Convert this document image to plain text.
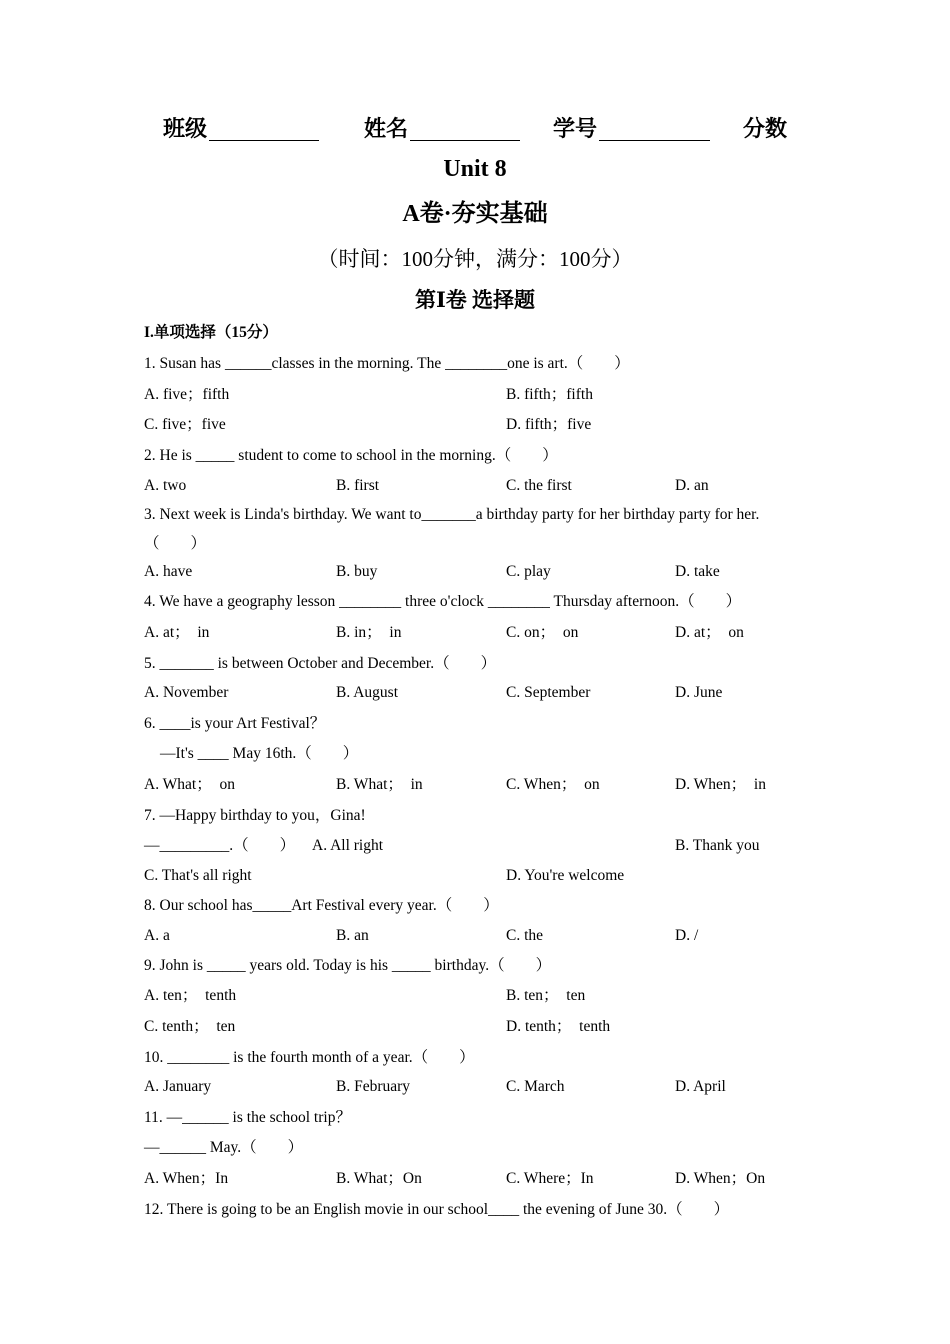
班级	姓名	学号	分数
Unit 8
A卷·夯实基础
（时间：100分钟，满分：100分）
第Ⅰ卷 选择题
I.单项选择（15分）
1. Susan has ______classes in the morning. The ________one is art.（　　）
A. five；fifth	B. fifth；fifth
C. five；five	D. fifth；five
2. He is _____ student to come to school in the morning.（　　）
A. two	B. first	C. the first	D. an
3. Next week is Linda's birthday. We want to_______a birthday party for her birthday party for her.
（　　）
A. have	B. buy	C. play	D. take
4. We have a geography lesson ________ three o'clock ________ Thursday afternoon.（　　）
A. at；　in	B. in；　in	C. on；　on	D. at；　on
5. _______ is between October and December.（　　）
A. November	B. August	C. September	D. June
6. ____is your Art Festival？
—It's ____ May 16th.（　　）
A. What；　on	B. What；　in	C. When；　on	D. When；　in
7. —Happy birthday to you，Gina!
—_________.（　　） A. All right	B. Thank you
C. That's all right	D. You're welcome
8. Our school has_____Art Festival every year.（　　）
A. a	B. an	C. the	D. /
9. John is _____ years old. Today is his _____ birthday.（　　）
A. ten；　tenth	B. ten；　ten
C. tenth；　ten	D. tenth；　tenth
10. ________ is the fourth month of a year.（　　）
A. January	B. February	C. March	D. April
11. —______ is the school trip？
—______ May.（　　）
A. When；In	B. What；On	C. Where；In	D. When；On
12. There is going to be an English movie in our school____ the evening of June 30.（　　）
